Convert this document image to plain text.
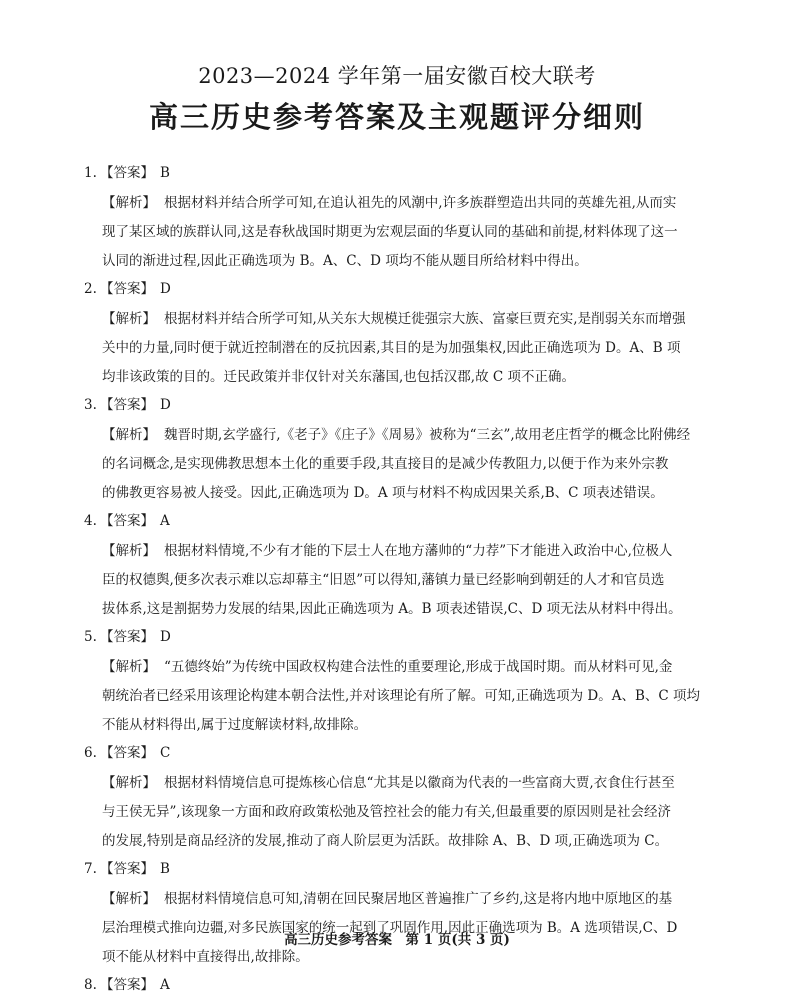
2023—2024 学年第一届安徽百校大联考
高三历史参考答案及主观题评分细则
1. 【答案】 B
【解析】 根据材料并结合所学可知,在追认祖先的风潮中,许多族群塑造出共同的英雄先祖,从而实
现了某区域的族群认同,这是春秋战国时期更为宏观层面的华夏认同的基础和前提,材料体现了这一
认同的渐进过程,因此正确选项为 B。A、C、D 项均不能从题目所给材料中得出。
2. 【答案】 D
【解析】 根据材料并结合所学可知,从关东大规模迁徙强宗大族、富豪巨贾充实,是削弱关东而增强
关中的力量,同时便于就近控制潜在的反抗因素,其目的是为加强集权,因此正确选项为 D。A、B 项
均非该政策的目的。迁民政策并非仅针对关东藩国,也包括汉郡,故 C 项不正确。
3. 【答案】 D
【解析】 魏晋时期,玄学盛行,《老子》《庄子》《周易》被称为“三玄”,故用老庄哲学的概念比附佛经
的名词概念,是实现佛教思想本土化的重要手段,其直接目的是减少传教阻力,以便于作为来外宗教
的佛教更容易被人接受。因此,正确选项为 D。A 项与材料不构成因果关系,B、C 项表述错误。
4. 【答案】 A
【解析】 根据材料情境,不少有才能的下层士人在地方藩帅的“力荐”下才能进入政治中心,位极人
臣的权德舆,便多次表示难以忘却幕主“旧恩”可以得知,藩镇力量已经影响到朝廷的人才和官员选
拔体系,这是割据势力发展的结果,因此正确选项为 A。B 项表述错误,C、D 项无法从材料中得出。
5. 【答案】 D
【解析】 “五德终始”为传统中国政权构建合法性的重要理论,形成于战国时期。而从材料可见,金
朝统治者已经采用该理论构建本朝合法性,并对该理论有所了解。可知,正确选项为 D。A、B、C 项均
不能从材料得出,属于过度解读材料,故排除。
6. 【答案】 C
【解析】 根据材料情境信息可提炼核心信息“尤其是以徽商为代表的一些富商大贾,衣食住行甚至
与王侯无异”,该现象一方面和政府政策松弛及管控社会的能力有关,但最重要的原因则是社会经济
的发展,特别是商品经济的发展,推动了商人阶层更为活跃。故排除 A、B、D 项,正确选项为 C。
7. 【答案】 B
【解析】 根据材料情境信息可知,清朝在回民聚居地区普遍推广了乡约,这是将内地中原地区的基
层治理模式推向边疆,对多民族国家的统一起到了巩固作用,因此正确选项为 B。A 选项错误,C、D
项不能从材料中直接得出,故排除。
8. 【答案】 A
高三历史参考答案　第 1 页(共 3 页)
